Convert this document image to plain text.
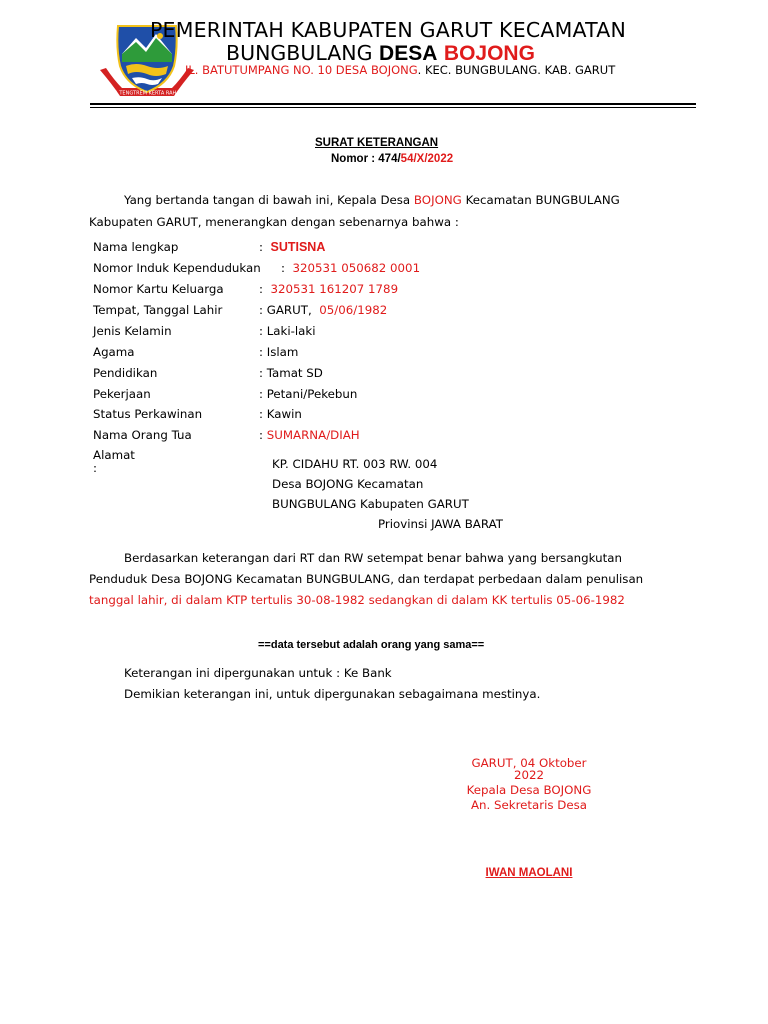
TATA TENGTREM KERTA RAHARJA
PEMERINTAH KABUPATEN GARUT KECAMATAN
BUNGBULANG DESA BOJONG
JL. BATUTUMPANG NO. 10 DESA BOJONG. KEC. BUNGBULANG. KAB. GARUT
SURAT KETERANGAN
Nomor : 474/54/X/2022
Yang bertanda tangan di bawah ini, Kepala Desa BOJONG Kecamatan BUNGBULANG
Kabupaten GARUT, menerangkan dengan sebenarnya bahwa :
Nama lengkap	: SUTISNA
Nomor Induk Kependudukan : 320531 050682 0001
Nomor Kartu Keluarga	: 320531 161207 1789
Tempat, Tanggal Lahir	: GARUT,  05/06/1982
Jenis Kelamin	: Laki-laki
Agama	: Islam
Pendidikan	: Tamat SD
Pekerjaan	: Petani/Pekebun
Status Perkawinan	: Kawin
Nama Orang Tua	: SUMARNA/DIAH
Alamat
:	KP. CIDAHU RT. 003 RW. 004
Desa BOJONG Kecamatan
BUNGBULANG Kabupaten GARUT
Priovinsi JAWA BARAT
Berdasarkan keterangan dari RT dan RW setempat benar bahwa yang bersangkutan
Penduduk Desa BOJONG Kecamatan BUNGBULANG, dan terdapat perbedaan dalam penulisan
tanggal lahir, di dalam KTP tertulis 30-08-1982 sedangkan di dalam KK tertulis 05-06-1982
==data tersebut adalah orang yang sama==
Keterangan ini dipergunakan untuk : Ke Bank
Demikian keterangan ini, untuk dipergunakan sebagaimana mestinya.
GARUT, 04 Oktober
2022
Kepala Desa BOJONG
An. Sekretaris Desa
IWAN MAOLANI
